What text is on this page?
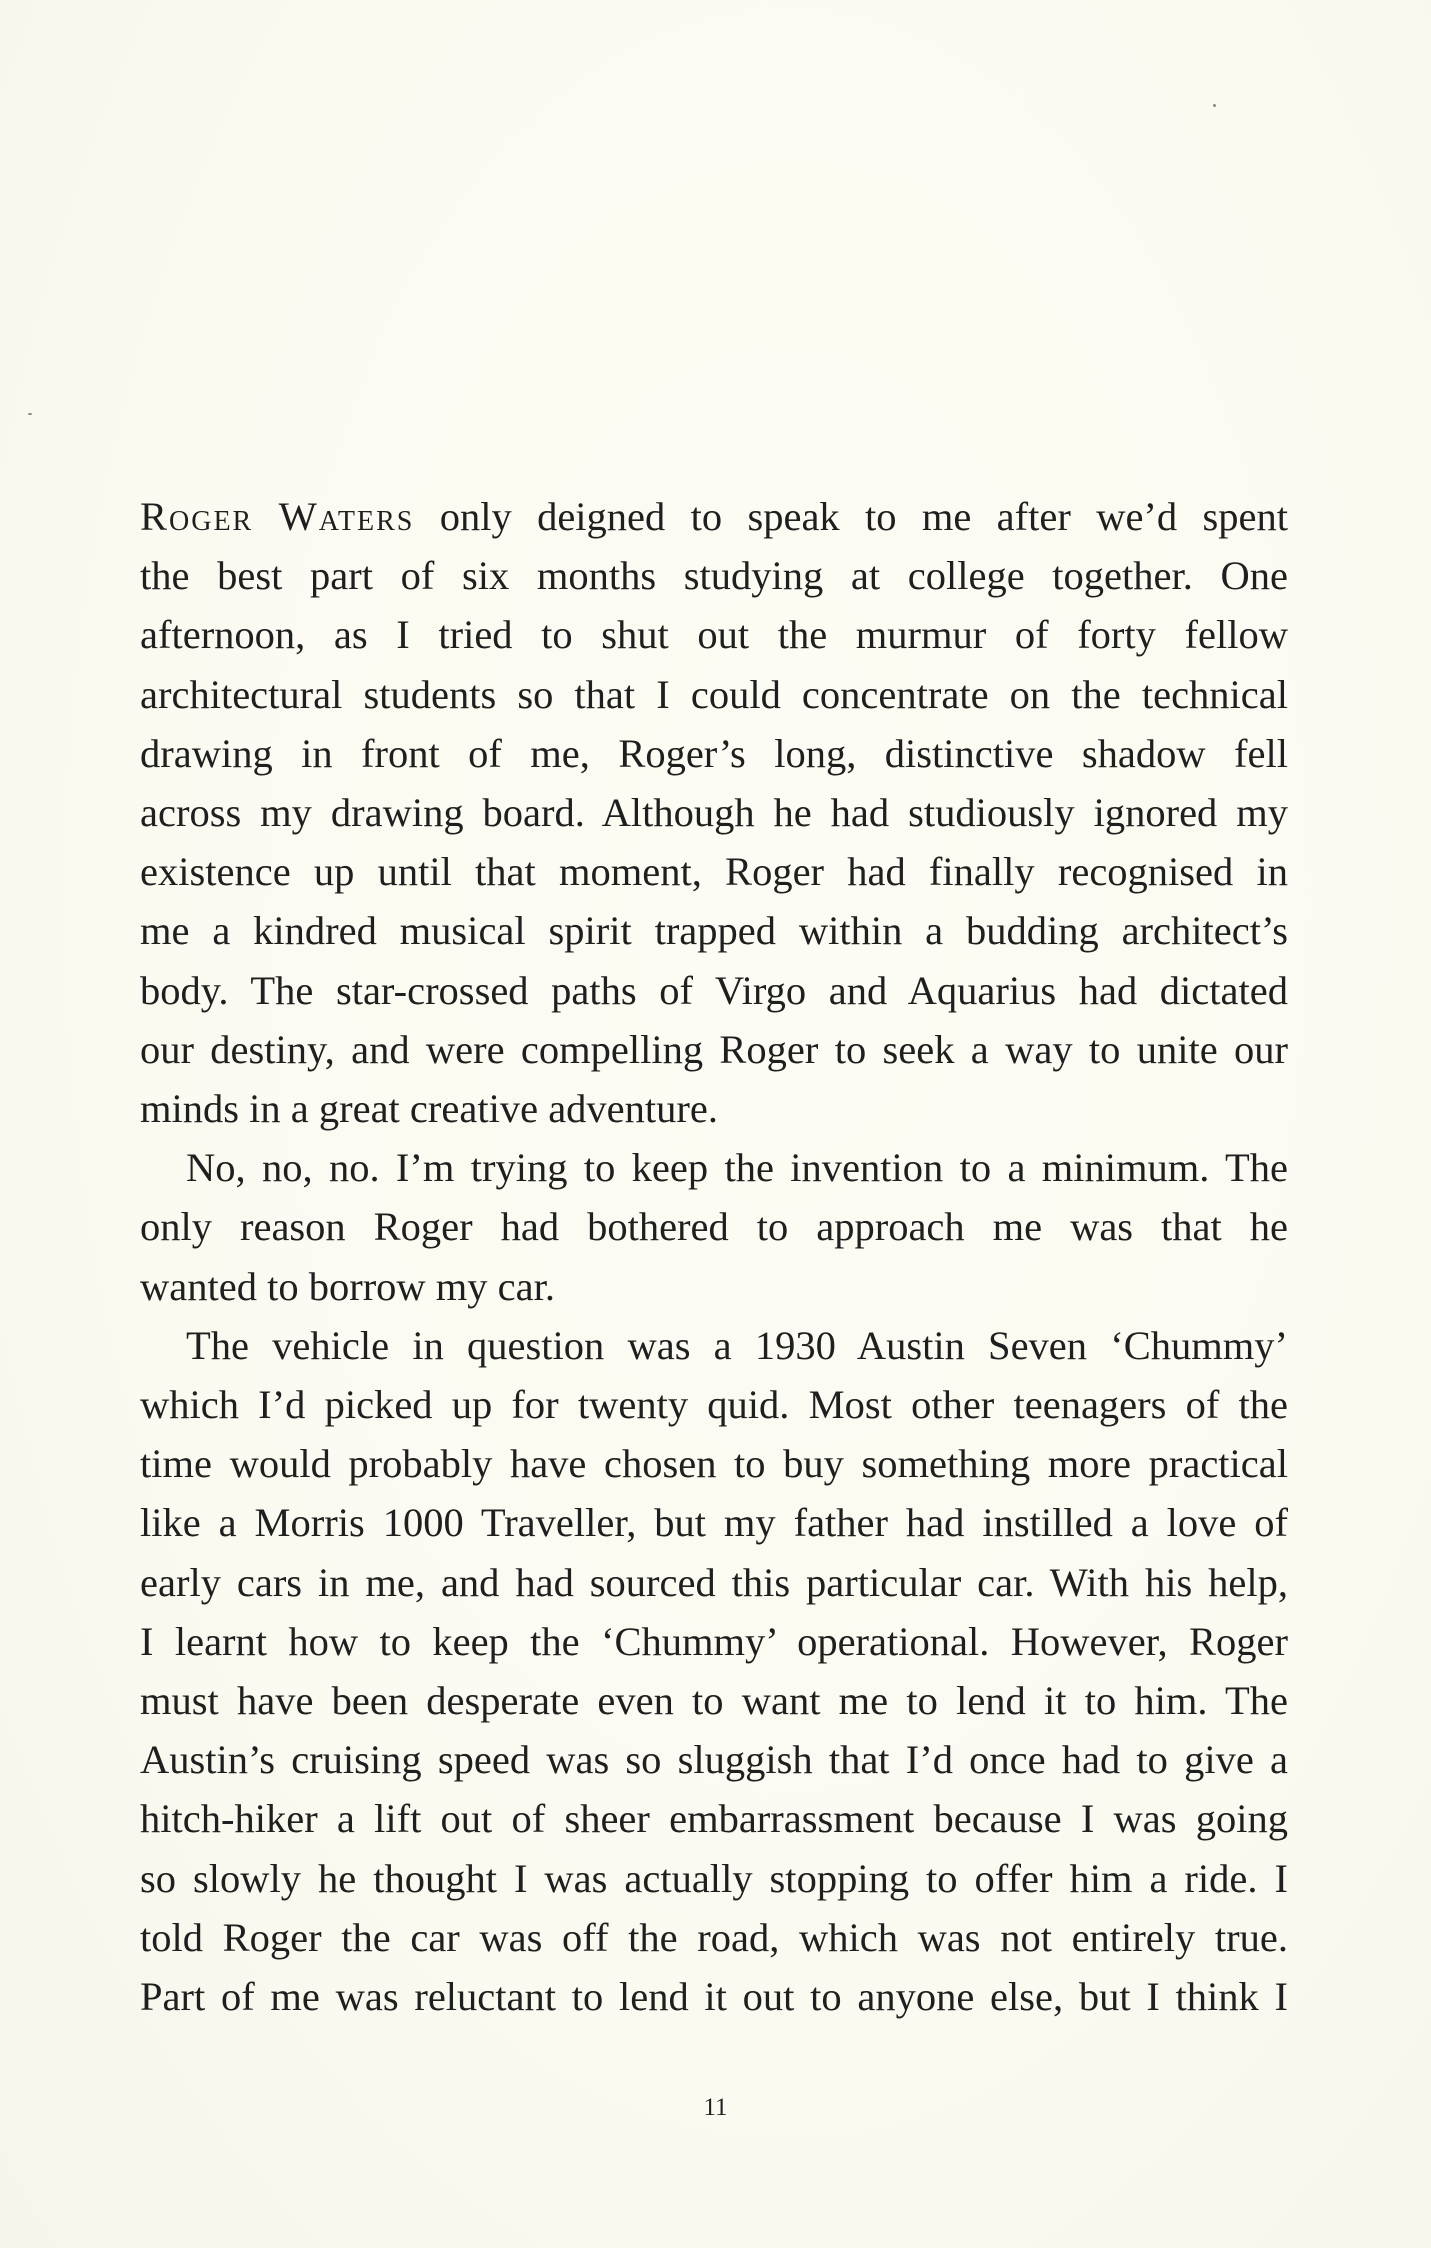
Roger Waters only deigned to speak to me after we’d spent
the best part of six months studying at college together. One
afternoon, as I tried to shut out the murmur of forty fellow
architectural students so that I could concentrate on the technical
drawing in front of me, Roger’s long, distinctive shadow fell
across my drawing board. Although he had studiously ignored my
existence up until that moment, Roger had finally recognised in
me a kindred musical spirit trapped within a budding architect’s
body. The star-crossed paths of Virgo and Aquarius had dictated
our destiny, and were compelling Roger to seek a way to unite our
minds in a great creative adventure.

No, no, no. I’m trying to keep the invention to a minimum. The
only reason Roger had bothered to approach me was that he
wanted to borrow my car.

The vehicle in question was a 1930 Austin Seven ‘Chummy’
which I’d picked up for twenty quid. Most other teenagers of the
time would probably have chosen to buy something more practical
like a Morris 1000 Traveller, but my father had instilled a love of
early cars in me, and had sourced this particular car. With his help,
I learnt how to keep the ‘Chummy’ operational. However, Roger
must have been desperate even to want me to lend it to him. The
Austin’s cruising speed was so sluggish that I’d once had to give a
hitch-hiker a lift out of sheer embarrassment because I was going
so slowly he thought I was actually stopping to offer him a ride. I
told Roger the car was off the road, which was not entirely true.
Part of me was reluctant to lend it out to anyone else, but I think I

11
